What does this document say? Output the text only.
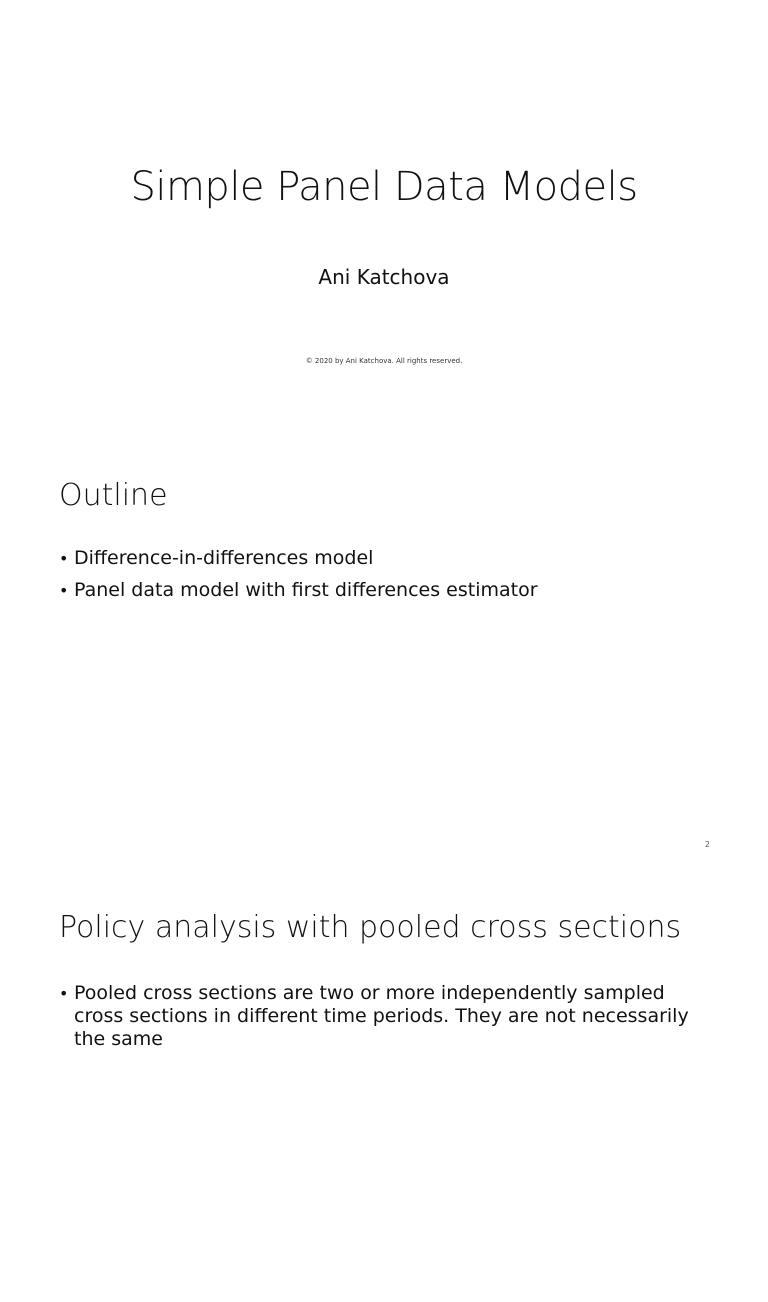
Simple Panel Data Models

Ani Katchova

© 2020 by Ani Katchova. All rights reserved.

Outline
• Difference-in-differences model
• Panel data model with first differences estimator
2
Policy analysis with pooled cross sections
• Pooled cross sections are two or more independently sampled cross sections in different time periods. They are not necessarily the same
